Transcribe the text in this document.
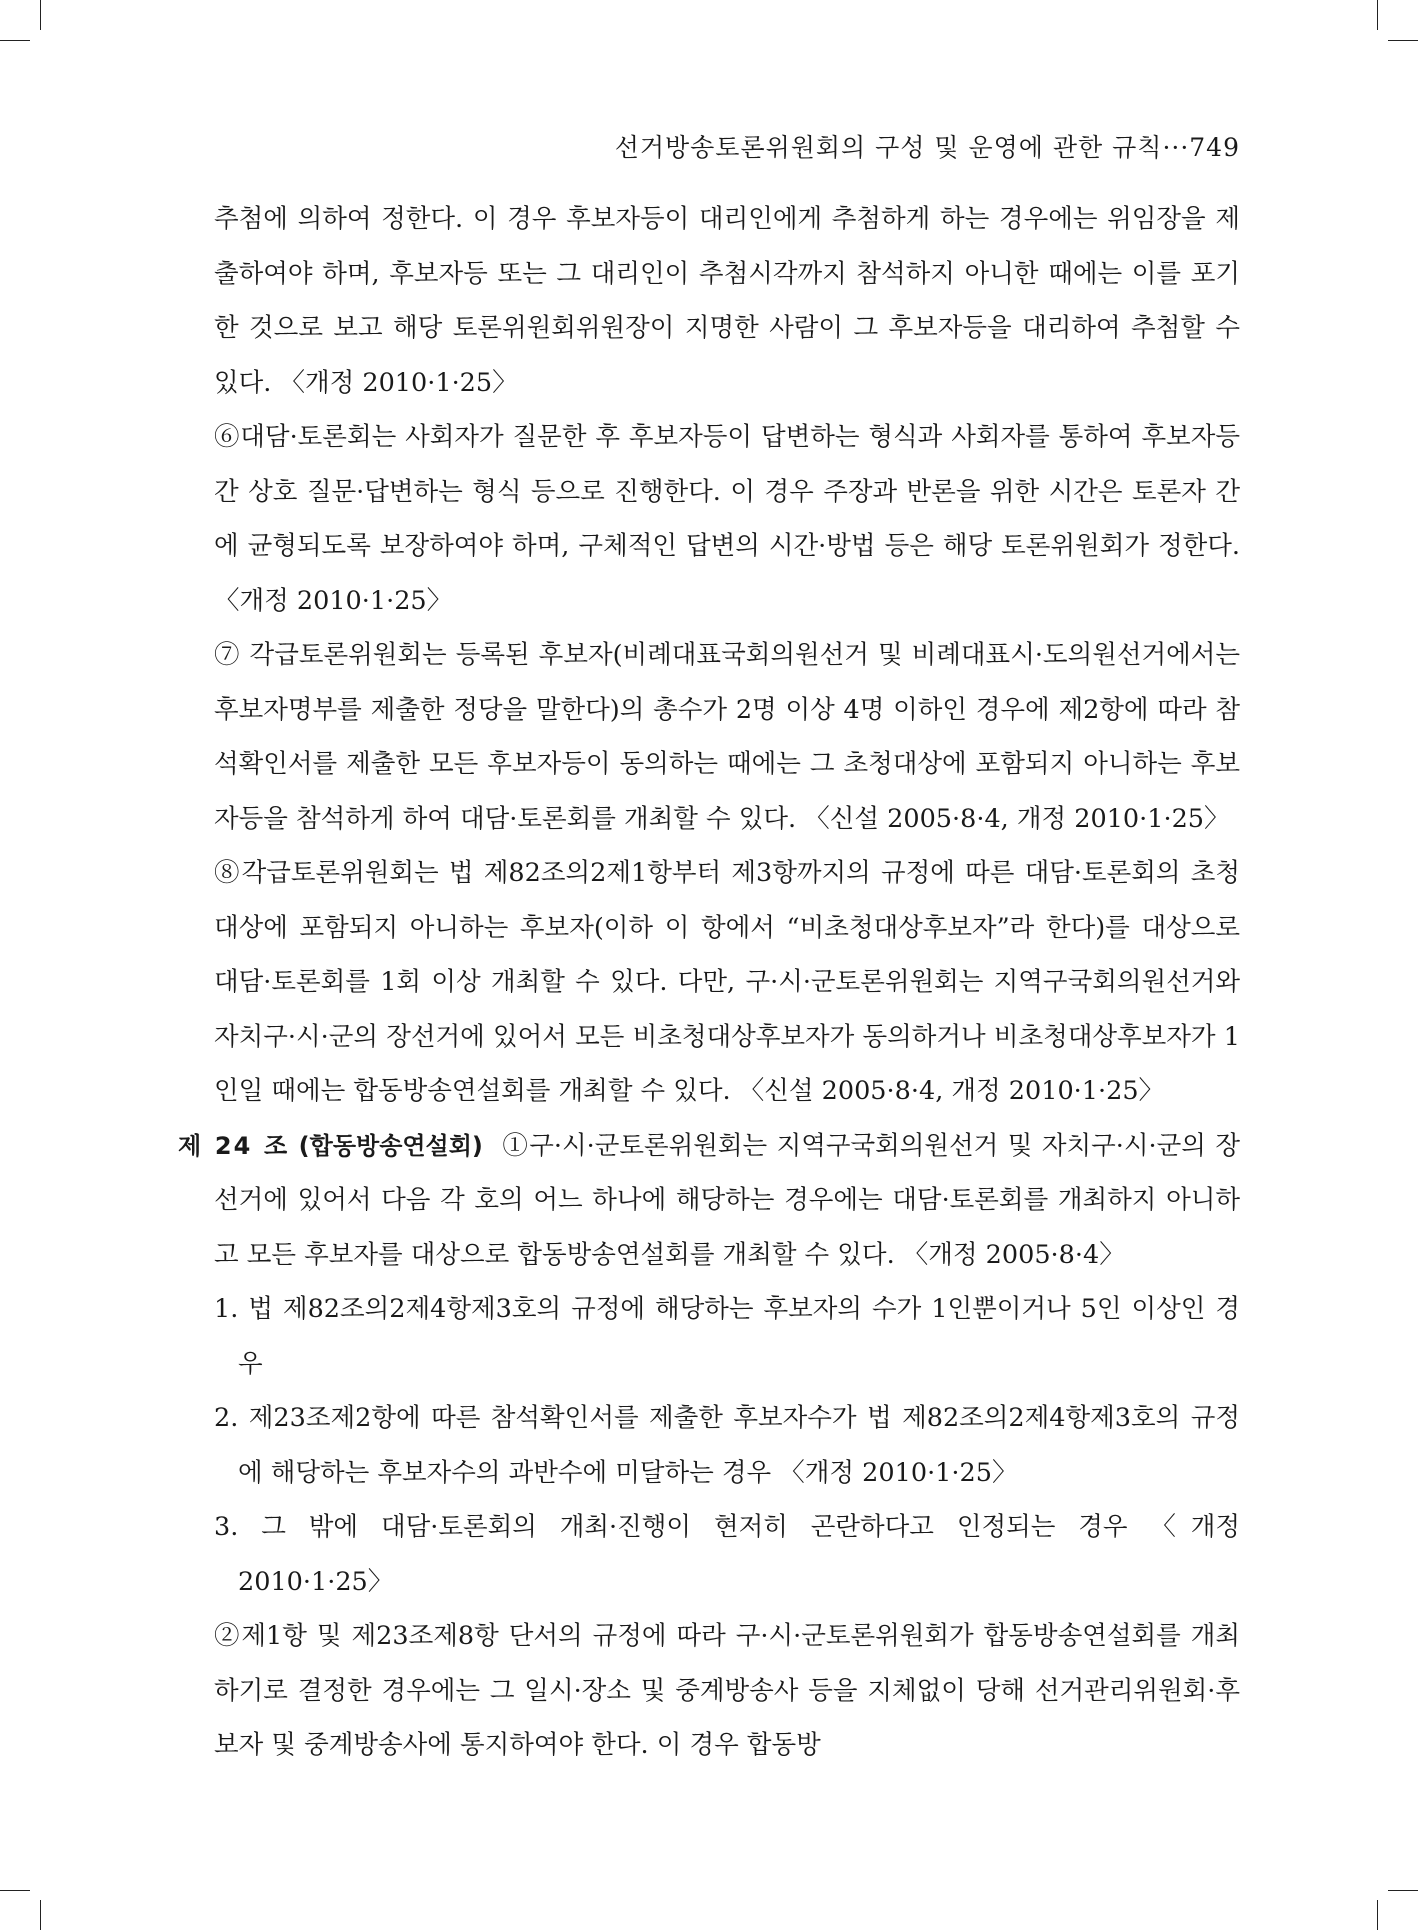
선거방송토론위원회의 구성 및 운영에 관한 규칙···749

추첨에 의하여 정한다. 이 경우 후보자등이 대리인에게 추첨하게 하는 경우에는 위임장을 제출하여야 하며, 후보자등 또는 그 대리인이 추첨시각까지 참석하지 아니한 때에는 이를 포기한 것으로 보고 해당 토론위원회위원장이 지명한 사람이 그 후보자등을 대리하여 추첨할 수 있다. 〈개정 2010·1·25〉

⑥대담·토론회는 사회자가 질문한 후 후보자등이 답변하는 형식과 사회자를 통하여 후보자등간 상호 질문·답변하는 형식 등으로 진행한다. 이 경우 주장과 반론을 위한 시간은 토론자 간에 균형되도록 보장하여야 하며, 구체적인 답변의 시간·방법 등은 해당 토론위원회가 정한다. 〈개정 2010·1·25〉

⑦ 각급토론위원회는 등록된 후보자(비례대표국회의원선거 및 비례대표시·도의원선거에서는 후보자명부를 제출한 정당을 말한다)의 총수가 2명 이상 4명 이하인 경우에 제2항에 따라 참석확인서를 제출한 모든 후보자등이 동의하는 때에는 그 초청대상에 포함되지 아니하는 후보자등을 참석하게 하여 대담·토론회를 개최할 수 있다. 〈신설 2005·8·4, 개정 2010·1·25〉

⑧각급토론위원회는 법 제82조의2제1항부터 제3항까지의 규정에 따른 대담·토론회의 초청대상에 포함되지 아니하는 후보자(이하 이 항에서 “비초청대상후보자”라 한다)를 대상으로 대담·토론회를 1회 이상 개최할 수 있다. 다만, 구·시·군토론위원회는 지역구국회의원선거와 자치구·시·군의 장선거에 있어서 모든 비초청대상후보자가 동의하거나 비초청대상후보자가 1인일 때에는 합동방송연설회를 개최할 수 있다. 〈신설 2005·8·4, 개정 2010·1·25〉

제 24 조 (합동방송연설회) ①구·시·군토론위원회는 지역구국회의원선거 및 자치구·시·군의 장선거에 있어서 다음 각 호의 어느 하나에 해당하는 경우에는 대담·토론회를 개최하지 아니하고 모든 후보자를 대상으로 합동방송연설회를 개최할 수 있다. 〈개정 2005·8·4〉

1. 법 제82조의2제4항제3호의 규정에 해당하는 후보자의 수가 1인뿐이거나 5인 이상인 경우

2. 제23조제2항에 따른 참석확인서를 제출한 후보자수가 법 제82조의2제4항제3호의 규정에 해당하는 후보자수의 과반수에 미달하는 경우 〈개정 2010·1·25〉

3. 그 밖에 대담·토론회의 개최·진행이 현저히 곤란하다고 인정되는 경우 〈개정 2010·1·25〉

②제1항 및 제23조제8항 단서의 규정에 따라 구·시·군토론위원회가 합동방송연설회를 개최하기로 결정한 경우에는 그 일시·장소 및 중계방송사 등을 지체없이 당해 선거관리위원회·후보자 및 중계방송사에 통지하여야 한다. 이 경우 합동방
